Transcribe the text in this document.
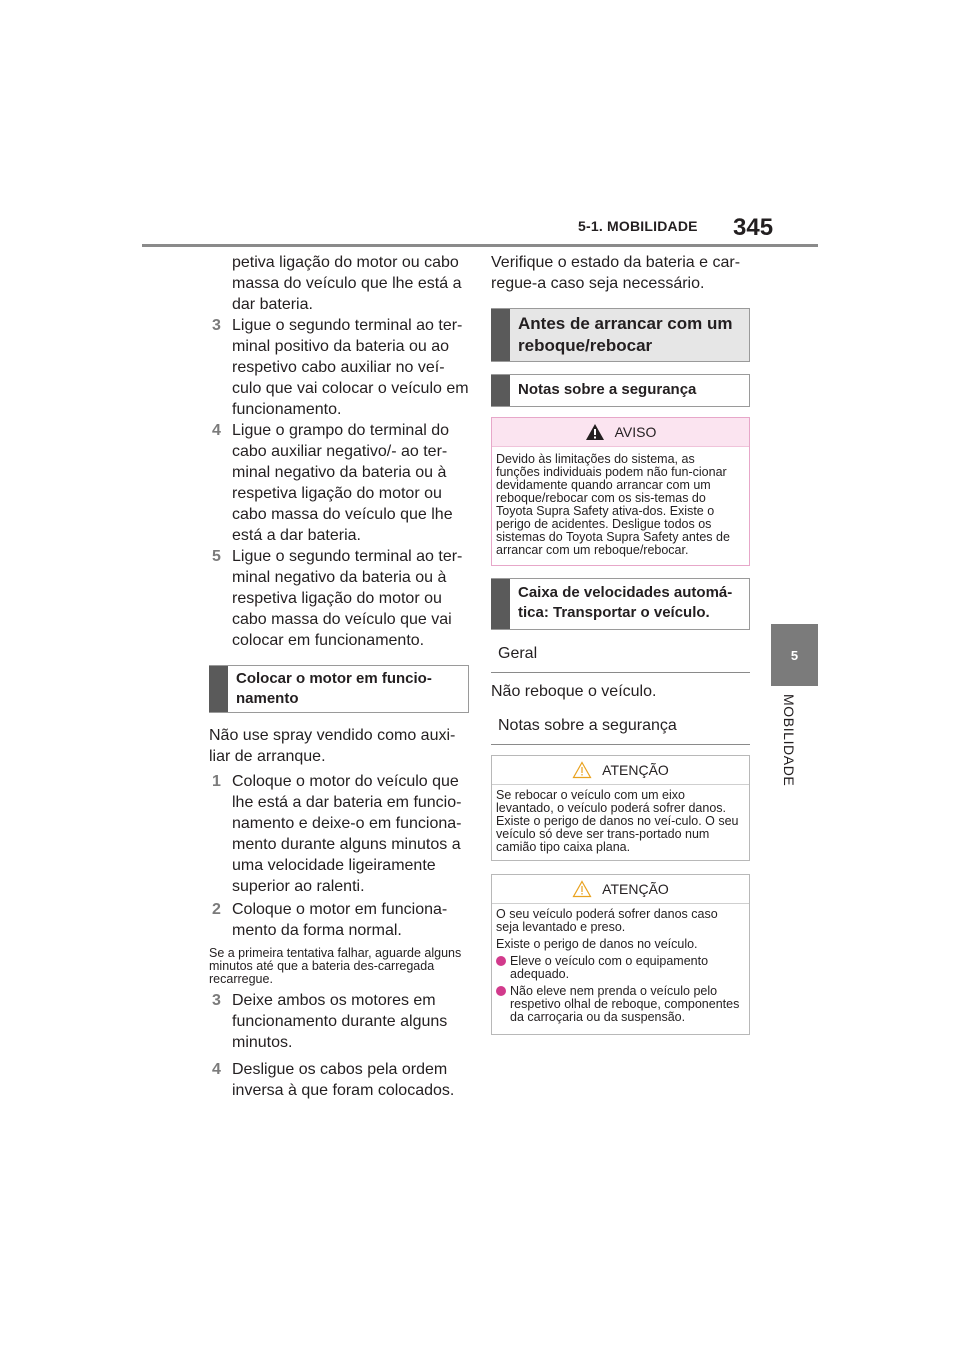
5-1. MOBILIDADE 345
5
MOBILIDADE
petiva ligação do motor ou cabo massa do veículo que lhe está a dar bateria.
3 Ligue o segundo terminal ao ter-minal positivo da bateria ou ao respetivo cabo auxiliar no veí-culo que vai colocar o veículo em funcionamento.
4 Ligue o grampo do terminal do cabo auxiliar negativo/- ao ter-minal negativo da bateria ou à respetiva ligação do motor ou cabo massa do veículo que lhe está a dar bateria.
5 Ligue o segundo terminal ao ter-minal negativo da bateria ou à respetiva ligação do motor ou cabo massa do veículo que vai colocar em funcionamento.
Colocar o motor em funcio-namento
Não use spray vendido como auxi-liar de arranque.
1 Coloque o motor do veículo que lhe está a dar bateria em funcio-namento e deixe-o em funciona-mento durante alguns minutos a uma velocidade ligeiramente superior ao ralenti.
2 Coloque o motor em funciona-mento da forma normal.
Se a primeira tentativa falhar, aguarde alguns minutos até que a bateria des-carregada recarregue.
3 Deixe ambos os motores em funcionamento durante alguns minutos.
4 Desligue os cabos pela ordem inversa à que foram colocados.
Verifique o estado da bateria e car-regue-a caso seja necessário.
Antes de arrancar com um reboque/rebocar
Notas sobre a segurança
AVISO
Devido às limitações do sistema, as funções individuais podem não fun-cionar devidamente quando arrancar com um reboque/rebocar com os sis-temas do Toyota Supra Safety ativa-dos. Existe o perigo de acidentes. Desligue todos os sistemas do Toyota Supra Safety antes de arrancar com um reboque/rebocar.
Caixa de velocidades automá-tica: Transportar o veículo.
Geral
Não reboque o veículo.
Notas sobre a segurança
ATENÇÃO
Se rebocar o veículo com um eixo levantado, o veículo poderá sofrer danos. Existe o perigo de danos no veí-culo. O seu veículo só deve ser trans-portado num camião tipo caixa plana.
ATENÇÃO

O seu veículo poderá sofrer danos caso seja levantado e preso.

Existe o perigo de danos no veículo.

Eleve o veículo com o equipamento adequado.
Não eleve nem prenda o veículo pelo respetivo olhal de reboque, componentes da carroçaria ou da suspensão.
